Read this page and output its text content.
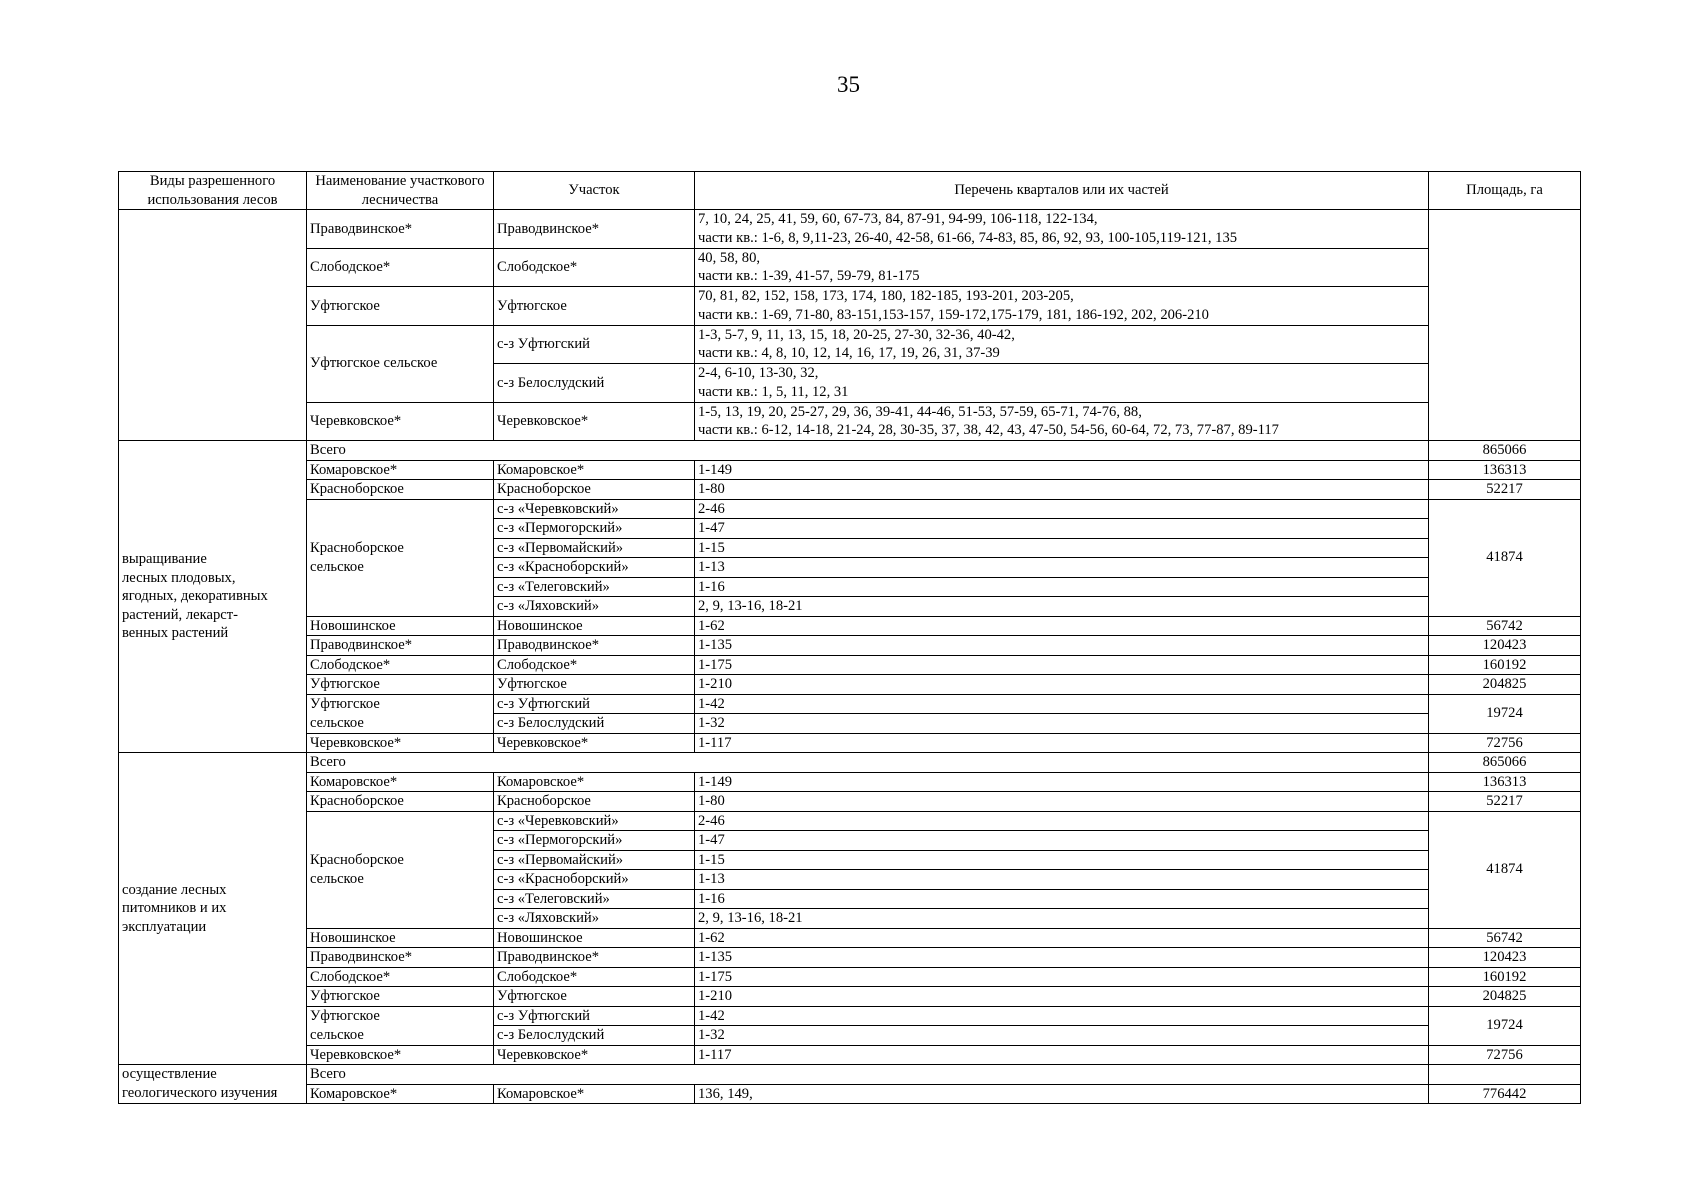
35
Виды разрешенного использования лесов	Наименование участкового лесничества	Участок	Перечень кварталов или их частей	Площадь, га
	Праводвинское*	Праводвинское*	7, 10, 24, 25, 41, 59, 60, 67-73, 84, 87-91, 94-99, 106-118, 122-134,
части кв.: 1-6, 8, 9,11-23, 26-40, 42-58, 61-66, 74-83, 85, 86, 92, 93, 100-105,119-121, 135	

	Слободское*	Слободское*	40, 58, 80,
части кв.: 1-39, 41-57, 59-79, 81-175	

	Уфтюгское	Уфтюгское	70, 81, 82, 152, 158, 173, 174, 180, 182-185, 193-201, 203-205,
части кв.: 1-69, 71-80, 83-151,153-157, 159-172,175-179, 181, 186-192, 202, 206-210	

	Уфтюгское сельское	с-з Уфтюгский	1-3, 5-7, 9, 11, 13, 15, 18, 20-25, 27-30, 32-36, 40-42,
части кв.: 4, 8, 10, 12, 14, 16, 17, 19, 26, 31, 37-39	

		с-з Белослудский	2-4, 6-10, 13-30, 32,
части кв.: 1, 5, 11, 12, 31	

	Черевковское*	Черевковское*	1-5, 13, 19, 20, 25-27, 29, 36, 39-41, 44-46, 51-53, 57-59, 65-71, 74-76, 88,
части кв.: 6-12, 14-18, 21-24, 28, 30-35, 37, 38, 42, 43, 47-50, 54-56, 60-64, 72, 73, 77-87, 89-117	

выращивание
лесных плодовых,
ягодных, декоративных
растений, лекарст-
венных растений	Всего			865066
	Комаровское*	Комаровское*	1-149	136313
	Красноборское	Красноборское	1-80	52217

	Красноборское
сельское	с-з «Черевковский»	2-46	41874
		с-з «Пермогорский»	1-47	
		с-з «Первомайский»	1-15	
		с-з «Красноборский»	1-13	
		с-з «Телеговский»	1-16	
		с-з «Ляховский»	2, 9, 13-16, 18-21	
	Новошинское	Новошинское	1-62	56742
	Праводвинское*	Праводвинское*	1-135	120423
	Слободское*	Слободское*	1-175	160192
	Уфтюгское	Уфтюгское	1-210	204825

	Уфтюгское
сельское	с-з Уфтюгский	1-42	19724
		с-з Белослудский	1-32	
	Черевковское*	Черевковское*	1-117	72756

создание лесных
питомников и их
эксплуатации	Всего			865066
	Комаровское*	Комаровское*	1-149	136313
	Красноборское	Красноборское	1-80	52217

	Красноборское
сельское	с-з «Черевковский»	2-46	41874
		с-з «Пермогорский»	1-47	
		с-з «Первомайский»	1-15	
		с-з «Красноборский»	1-13	
		с-з «Телеговский»	1-16	
		с-з «Ляховский»	2, 9, 13-16, 18-21	
	Новошинское	Новошинское	1-62	56742
	Праводвинское*	Праводвинское*	1-135	120423
	Слободское*	Слободское*	1-175	160192
	Уфтюгское	Уфтюгское	1-210	204825

	Уфтюгское
сельское	с-з Уфтюгский	1-42	19724
		с-з Белослудский	1-32	
	Черевковское*	Черевковское*	1-117	72756

осуществление
геологического изучения	Всего			
	Комаровское*	Комаровское*	136, 149,	776442
